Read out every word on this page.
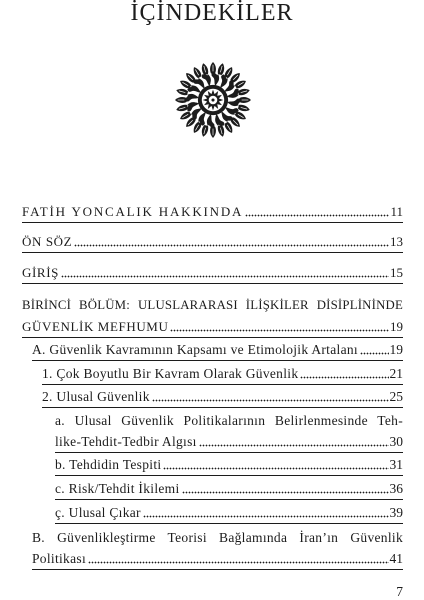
İÇİNDEKİLER
FATİH YONCALIK HAKKINDA	11
ÖN SÖZ	13
GİRİŞ	15
BİRİNCİ BÖLÜM: ULUSLARARASI İLİŞKİLER DİSİPLİNİNDE
GÜVENLİK MEFHUMU	19
A. Güvenlik Kavramının Kapsamı ve Etimolojik Artalanı 19
1. Çok Boyutlu Bir Kavram Olarak Güvenlik	21
2. Ulusal Güvenlik	25
a. Ulusal Güvenlik Politikalarının Belirlenmesinde Teh-
like-Tehdit-Tedbir Algısı	30
b. Tehdidin Tespiti	31
c. Risk/Tehdit İkilemi	36
ç. Ulusal Çıkar	39
B. Güvenlikleştirme Teorisi Bağlamında İran’ın Güvenlik
Politikası	41
7
